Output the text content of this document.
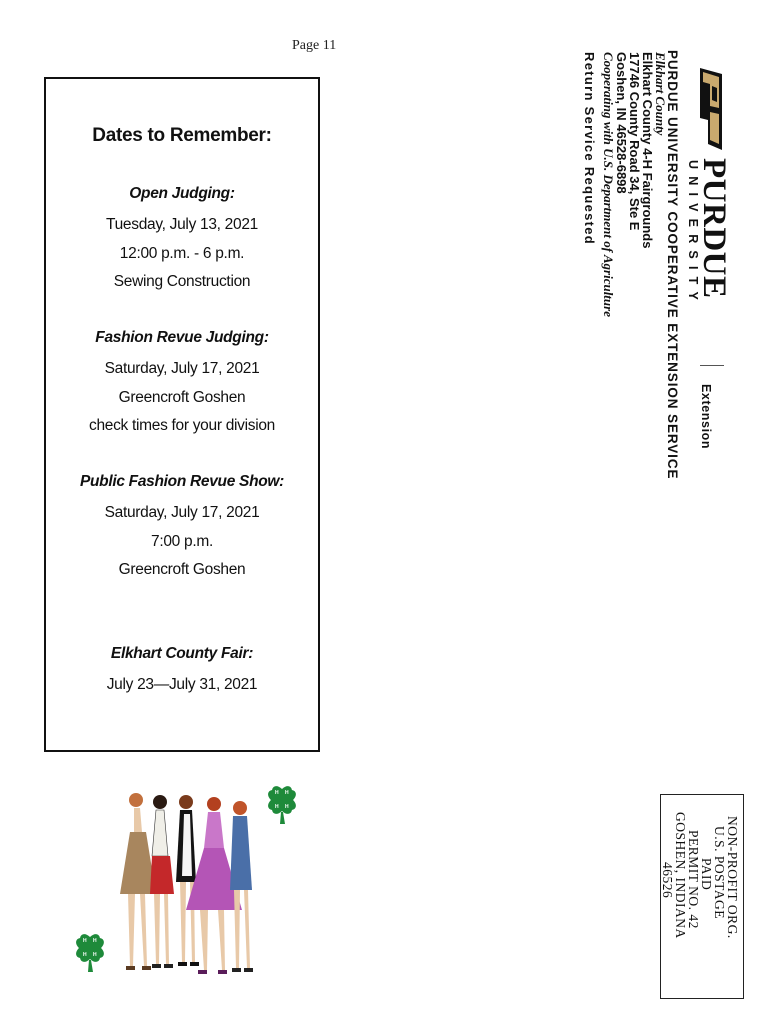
Page 11
Dates to Remember:
Open Judging:
Tuesday, July 13, 2021
12:00 p.m. - 6 p.m.
Sewing Construction
Fashion Revue Judging:
Saturday, July 17, 2021
Greencroft Goshen
check times for your division
Public Fashion Revue Show:
Saturday, July 17, 2021
7:00 p.m.
Greencroft Goshen
Elkhart County Fair:
July 23—July 31, 2021
PURDUE
UNIVERSITY
Extension
PURDUE UNIVERSITY COOPERATIVE EXTENSION SERVICE
Elkhart County
Elkhart County 4-H Fairgrounds
17746 County Road 34, Ste E
Goshen, IN 46528-6898
Cooperating with U.S. Department of Agriculture
Return Service Requested
NON-PROFIT ORG.
U.S. POSTAGE
PAID
PERMIT NO. 42
GOSHEN, INDIANA
46526
H H
H H
H H
H H
